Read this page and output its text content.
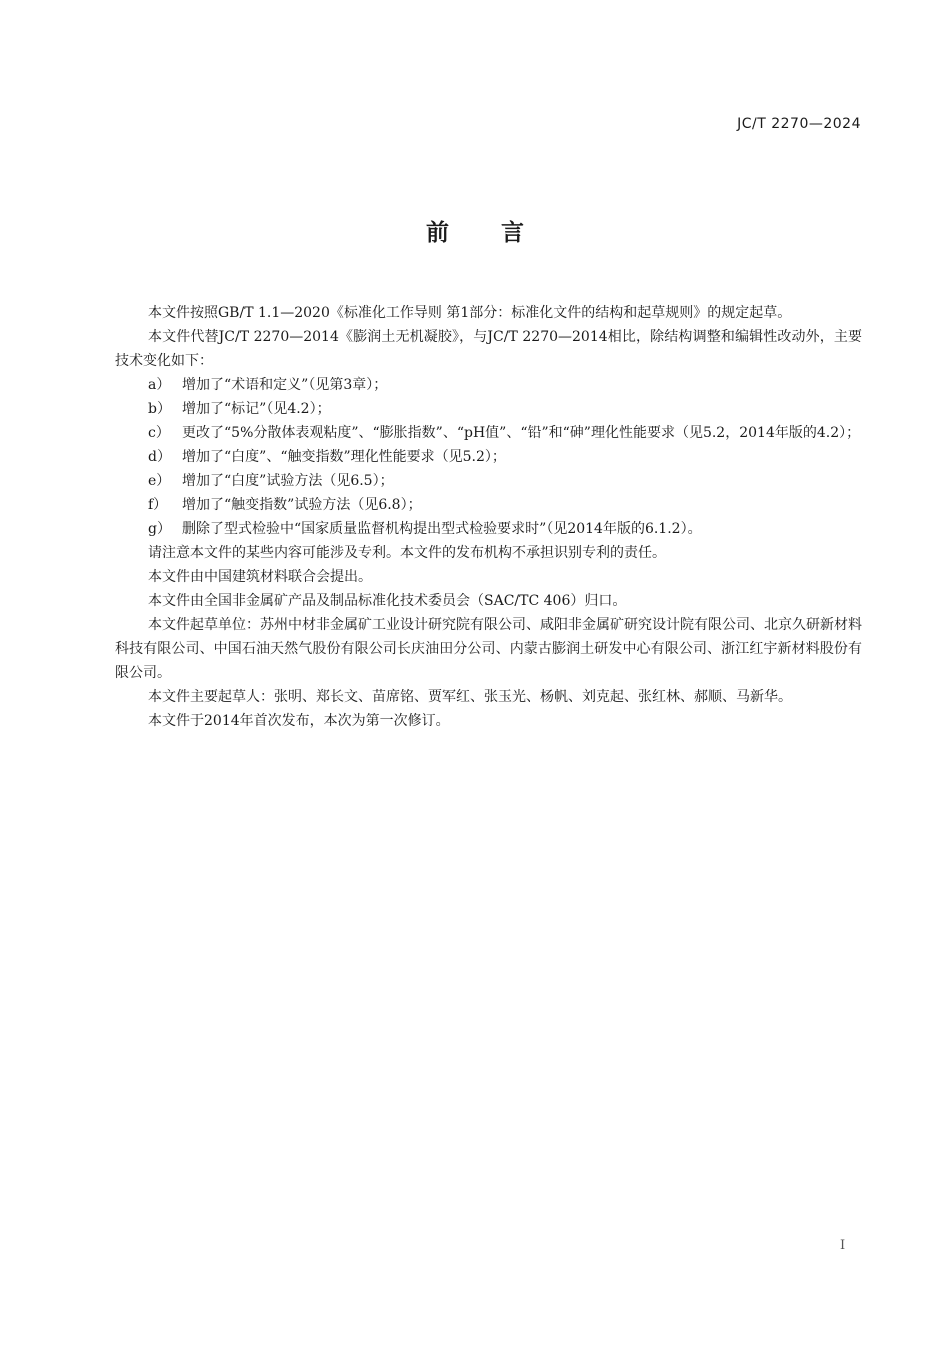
JC/T 2270—2024
前言

本文件按照GB/T 1.1—2020《标准化工作导则 第1部分：标准化文件的结构和起草规则》的规定起草。

本文件代替JC/T 2270—2014《膨润土无机凝胶》，与JC/T 2270—2014相比，除结构调整和编辑性改动外，主要技术变化如下：

a） 增加了“术语和定义”（见第3章）；
b） 增加了“标记”（见4.2）；
c） 更改了“5%分散体表观粘度”、“膨胀指数”、“pH值”、“铅”和“砷”理化性能要求（见5.2，2014年版的4.2）；
d） 增加了“白度”、“触变指数”理化性能要求（见5.2）；
e） 增加了“白度”试验方法（见6.5）；
f）	增加了“触变指数”试验方法（见6.8）；
g） 删除了型式检验中“国家质量监督机构提出型式检验要求时”（见2014年版的6.1.2）。

请注意本文件的某些内容可能涉及专利。本文件的发布机构不承担识别专利的责任。

本文件由中国建筑材料联合会提出。

本文件由全国非金属矿产品及制品标准化技术委员会（SAC/TC 406）归口。

本文件起草单位：苏州中材非金属矿工业设计研究院有限公司、咸阳非金属矿研究设计院有限公司、北京久研新材料科技有限公司、中国石油天然气股份有限公司长庆油田分公司、内蒙古膨润土研发中心有限公司、浙江红宇新材料股份有限公司。

本文件主要起草人：张明、郑长文、苗席铭、贾军红、张玉光、杨帆、刘克起、张红林、郝顺、马新华。

本文件于2014年首次发布，本次为第一次修订。

I
